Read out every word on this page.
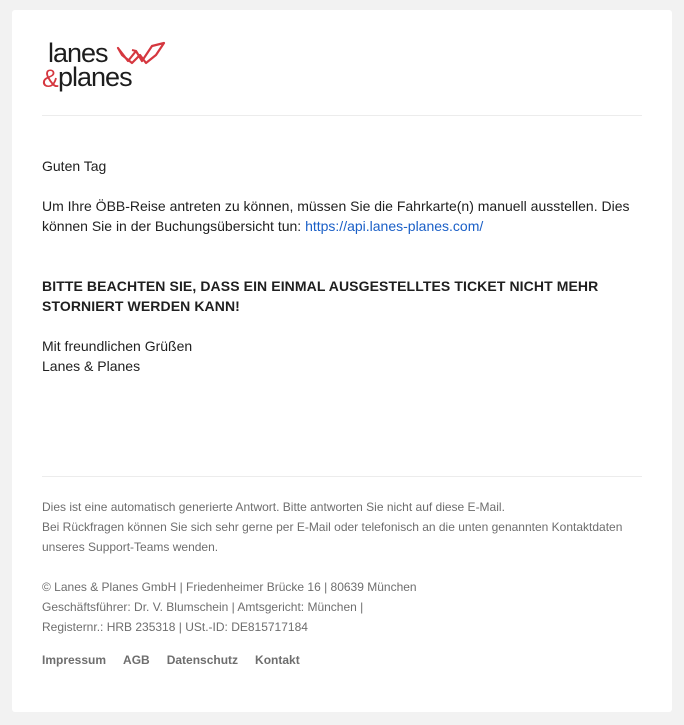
lanes
& planes

Guten Tag

Um Ihre ÖBB-Reise antreten zu können, müssen Sie die Fahrkarte(n) manuell ausstellen. Dies können Sie in der Buchungsübersicht tun: https://api.lanes-planes.com/

BITTE BEACHTEN SIE, DASS EIN EINMAL AUSGESTELLTES TICKET NICHT MEHR STORNIERT WERDEN KANN!

Mit freundlichen Grüßen

Lanes & Planes

Dies ist eine automatisch generierte Antwort. Bitte antworten Sie nicht auf diese E-Mail.

Bei Rückfragen können Sie sich sehr gerne per E-Mail oder telefonisch an die unten genannten Kontaktdaten unseres Support-Teams wenden.

© Lanes & Planes GmbH | Friedenheimer Brücke 16 | 80639 München

Geschäftsführer: Dr. V. Blumschein | Amtsgericht: München |

Registernr.: HRB 235318 | USt.-ID: DE815717184

Impressum AGB Datenschutz Kontakt
